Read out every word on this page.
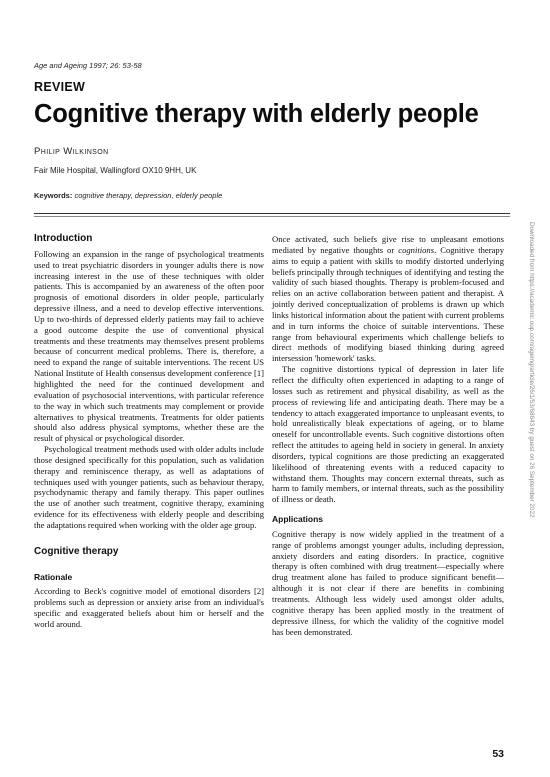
Age and Ageing 1997; 26: 53-58
REVIEW
Cognitive therapy with elderly people
Philip Wilkinson
Fair Mile Hospital, Wallingford OX10 9HH, UK
Keywords: cognitive therapy, depression, elderly people
Introduction

Following an expansion in the range of psychological treatments used to treat psychiatric disorders in younger adults there is now increasing interest in the use of these techniques with older patients. This is accompanied by an awareness of the often poor prognosis of emotional disorders in older people, particularly depressive illness, and a need to develop effective interventions. Up to two-thirds of depressed elderly patients may fail to achieve a good outcome despite the use of conventional physical treatments and these treatments may themselves present problems because of concurrent medical problems. There is, therefore, a need to expand the range of suitable interventions. The recent US National Institute of Health consensus development conference [1] highlighted the need for the continued development and evaluation of psychosocial interventions, with particular reference to the way in which such treatments may complement or provide alternatives to physical treatments. Treatments for older patients should also address physical symptoms, whether these are the result of physical or psychological disorder.

Psychological treatment methods used with older adults include those designed specifically for this population, such as validation therapy and reminiscence therapy, as well as adaptations of techniques used with younger patients, such as behaviour therapy, psychodynamic therapy and family therapy. This paper outlines the use of another such treatment, cognitive therapy, examining evidence for its effectiveness with elderly people and describing the adaptations required when working with the older age group.

Cognitive therapy
Rationale

According to Beck's cognitive model of emotional disorders [2] problems such as depression or anxiety arise from an individual's specific and exaggerated beliefs about him or herself and the world around.

Once activated, such beliefs give rise to unpleasant emotions mediated by negative thoughts or cognitions. Cognitive therapy aims to equip a patient with skills to modify distorted underlying beliefs principally through techniques of identifying and testing the validity of such biased thoughts. Therapy is problem-focused and relies on an active collaboration between patient and therapist. A jointly derived conceptualization of problems is drawn up which links historical information about the patient with current problems and in turn informs the choice of suitable interventions. These range from behavioural experiments which challenge beliefs to direct methods of modifying biased thinking during agreed intersession 'homework' tasks.

The cognitive distortions typical of depression in later life reflect the difficulty often experienced in adapting to a range of losses such as retirement and physical disability, as well as the process of reviewing life and anticipating death. There may be a tendency to attach exaggerated importance to unpleasant events, to hold unrealistically bleak expectations of ageing, or to blame oneself for uncontrollable events. Such cognitive distortions often reflect the attitudes to ageing held in society in general. In anxiety disorders, typical cognitions are those predicting an exaggerated likelihood of threatening events with a reduced capacity to withstand them. Thoughts may concern external threats, such as harm to family members, or internal threats, such as the possibility of illness or death.

Applications

Cognitive therapy is now widely applied in the treatment of a range of problems amongst younger adults, including depression, anxiety disorders and eating disorders. In practice, cognitive therapy is often combined with drug treatment—especially where drug treatment alone has failed to produce significant benefit—although it is not clear if there are benefits in combining treatments. Although less widely used amongst older adults, cognitive therapy has been applied mostly in the treatment of depressive illness, for which the validity of the cognitive model has been demonstrated.

Downloaded from https://academic.oup.com/ageing/article/26/1/53/68643 by guest on 26 September 2022
53
